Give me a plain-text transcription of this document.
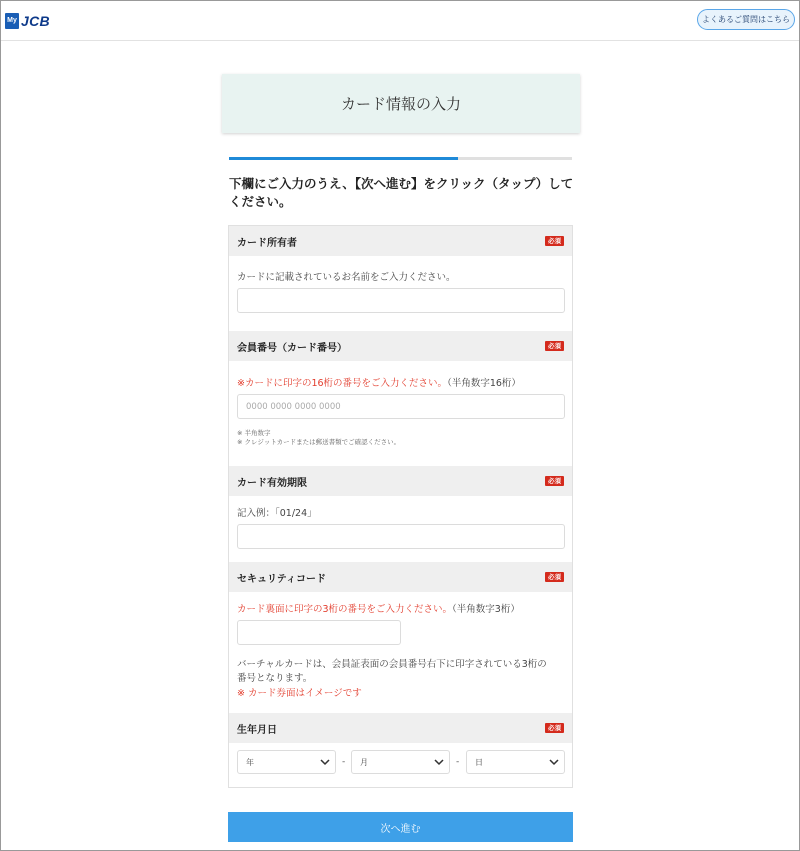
My JCB	よくあるご質問はこちら
カード情報の入力
下欄にご入力のうえ、【次へ進む】をクリック（タップ）してください。
カード所有者	必須
カードに記載されているお名前をご入力ください。
会員番号（カード番号）	必須
※カードに印字の16桁の番号をご入力ください。（半角数字16桁）
0000 0000 0000 0000
※ 半角数字
※ クレジットカードまたは郵送書類でご確認ください。
カード有効期限	必須
記入例：「01/24」
セキュリティコード	必須
カード裏面に印字の3桁の番号をご入力ください。（半角数字3桁）
バーチャルカードは、会員証表面の会員番号右下に印字されている3桁の
番号となります。
※ カード券面はイメージです
生年月日	必須
年	- 月	- 日
次へ進む
